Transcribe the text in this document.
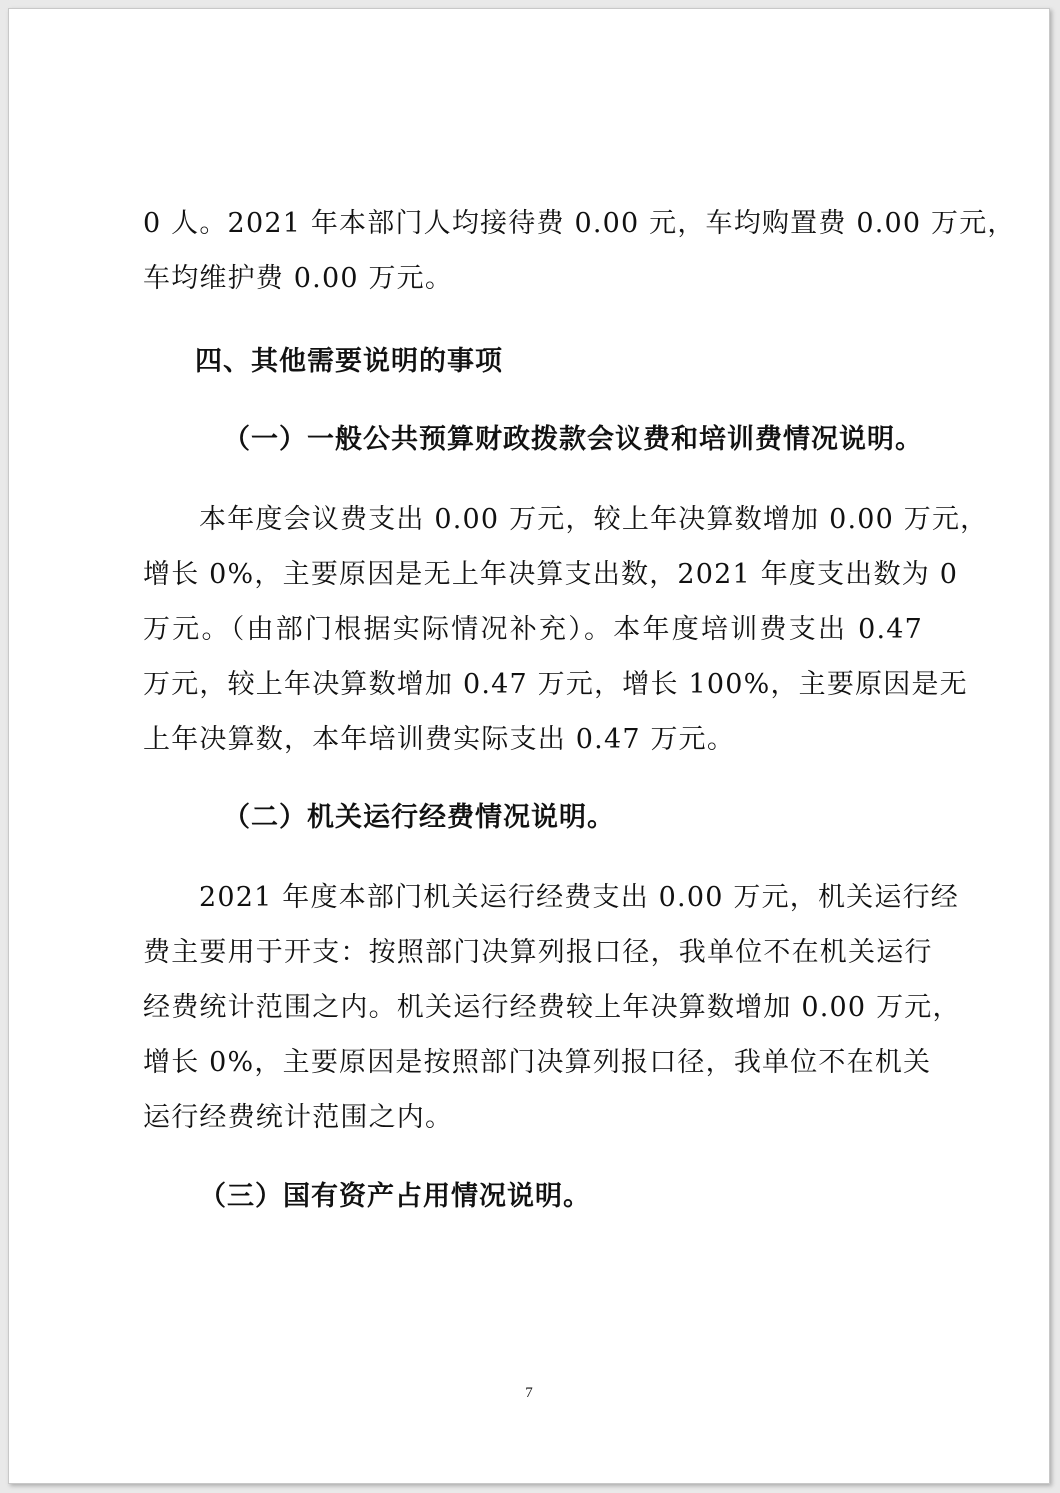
0 人。2021 年本部门人均接待费 0.00 元，车均购置费 0.00 万元，
车均维护费 0.00 万元。
四、其他需要说明的事项
（一）一般公共预算财政拨款会议费和培训费情况说明。
本年度会议费支出 0.00 万元，较上年决算数增加 0.00 万元，
增长 0%，主要原因是无上年决算支出数，2021 年度支出数为 0
万元。（由部门根据实际情况补充）。本年度培训费支出 0.47
万元，较上年决算数增加 0.47 万元，增长 100%，主要原因是无
上年决算数，本年培训费实际支出 0.47 万元。
（二）机关运行经费情况说明。
2021 年度本部门机关运行经费支出 0.00 万元，机关运行经
费主要用于开支：按照部门决算列报口径，我单位不在机关运行
经费统计范围之内。机关运行经费较上年决算数增加 0.00 万元，
增长 0%，主要原因是按照部门决算列报口径，我单位不在机关
运行经费统计范围之内。
（三）国有资产占用情况说明。
7
